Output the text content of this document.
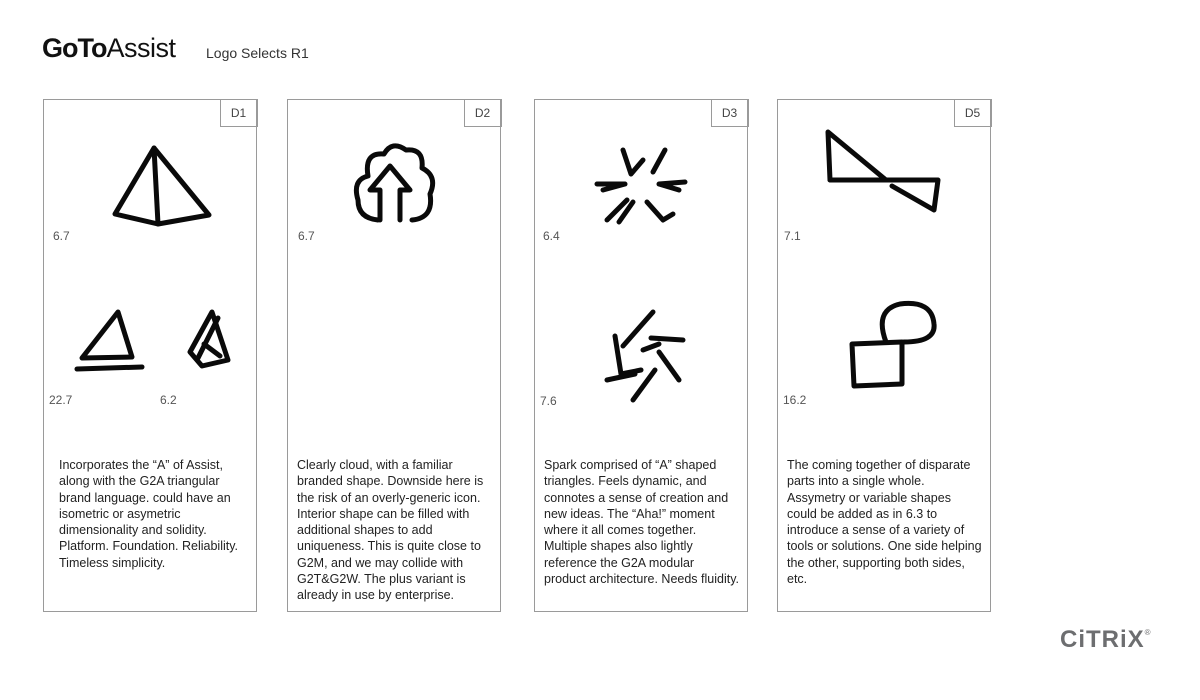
GoToAssist Logo Selects R1
D1
6.7
22.7	6.2
Incorporates the “A” of Assist, along with the G2A triangular brand language. could have an isometric or asymetric dimensionality and solidity. Platform. Foundation. Reliability. Timeless simplicity.
D2
6.7
Clearly cloud, with a familiar branded shape. Downside here is the risk of an overly-generic icon. Interior shape can be filled with additional shapes to add uniqueness. This is quite close to G2M, and we may collide with G2T&G2W. The plus variant is already in use by enterprise.
D3
6.4
7.6
Spark comprised of “A” shaped triangles. Feels dynamic, and connotes a sense of creation and new ideas. The “Aha!” moment where it all comes together. Multiple shapes also lightly reference the G2A modular product architecture. Needs fluidity.
D5
7.1
16.2
The coming together of disparate parts into a single whole. Assymetry or variable shapes could be added as in 6.3 to introduce a sense of a variety of tools or solutions. One side helping the other, supporting both sides, etc.
CiTRiX®
